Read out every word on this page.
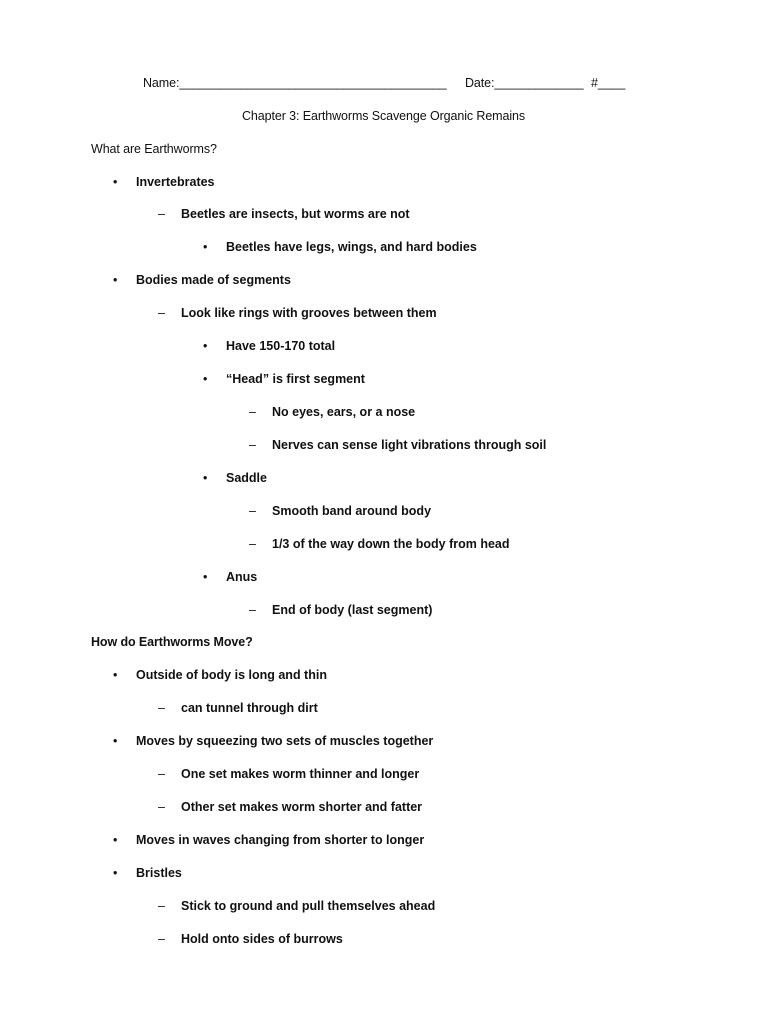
Name:_______________________________________ Date:_____________ #____
Chapter 3: Earthworms Scavenge Organic Remains
What are Earthworms?
• Invertebrates
– Beetles are insects, but worms are not
• Beetles have legs, wings, and hard bodies
• Bodies made of segments
– Look like rings with grooves between them
• Have 150-170 total
• “Head” is first segment
– No eyes, ears, or a nose
– Nerves can sense light vibrations through soil
• Saddle
– Smooth band around body
– 1/3 of the way down the body from head
• Anus
– End of body (last segment)
How do Earthworms Move?
• Outside of body is long and thin
– can tunnel through dirt
• Moves by squeezing two sets of muscles together
– One set makes worm thinner and longer
– Other set makes worm shorter and fatter
• Moves in waves changing from shorter to longer
• Bristles
– Stick to ground and pull themselves ahead
– Hold onto sides of burrows
